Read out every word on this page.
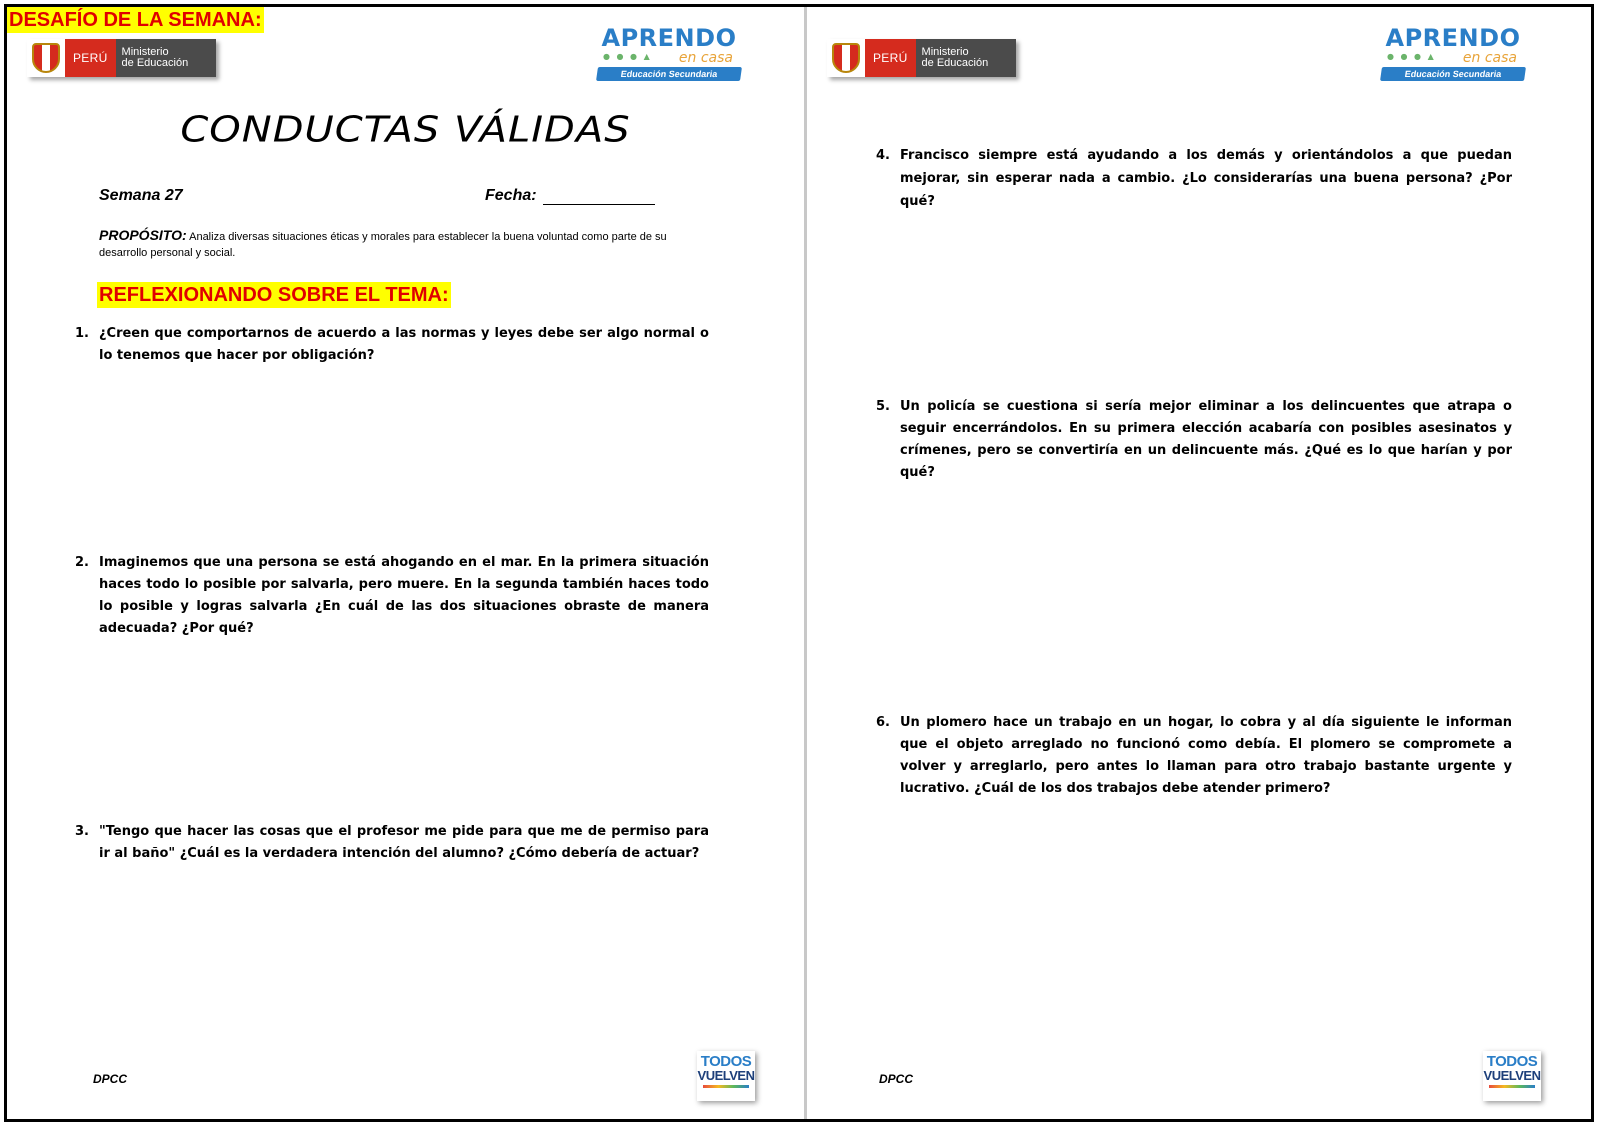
PERÚ	Ministerio
de Educación
APRENDO
● ● ● ▲	en casa
Educación Secundaria
CONDUCTAS VÁLIDAS
Semana 27	Fecha:
PROPÓSITO: Analiza diversas situaciones éticas y morales para establecer la buena voluntad como parte de su desarrollo personal y social.
REFLEXIONANDO SOBRE EL TEMA:
1. ¿Creen que comportarnos de acuerdo a las normas y leyes debe ser algo normal o lo tenemos que hacer por obligación?
2. Imaginemos que una persona se está ahogando en el mar. En la primera situación haces todo lo posible por salvarla, pero muere. En la segunda también haces todo lo posible y logras salvarla ¿En cuál de las dos situaciones obraste de manera adecuada? ¿Por qué?
3. "Tengo que hacer las cosas que el profesor me pide para que me de permiso para ir al baño" ¿Cuál es la verdadera intención del alumno? ¿Cómo debería de actuar?
DPCC
TODOS
VUELVEN
PERÚ	Ministerio
de Educación
APRENDO
● ● ● ▲	en casa
Educación Secundaria
DPCC
TODOS
VUELVEN
DESAFÍO DE LA SEMANA:
4. Francisco siempre está ayudando a los demás y orientándolos a que puedan mejorar, sin esperar nada a cambio. ¿Lo considerarías una buena persona? ¿Por qué?
5. Un policía se cuestiona si sería mejor eliminar a los delincuentes que atrapa o seguir encerrándolos. En su primera elección acabaría con posibles asesinatos y crímenes, pero se convertiría en un delincuente más. ¿Qué es lo que harían y por qué?
6. Un plomero hace un trabajo en un hogar, lo cobra y al día siguiente le informan que el objeto arreglado no funcionó como debía. El plomero se compromete a volver y arreglarlo, pero antes lo llaman para otro trabajo bastante urgente y lucrativo. ¿Cuál de los dos trabajos debe atender primero?
